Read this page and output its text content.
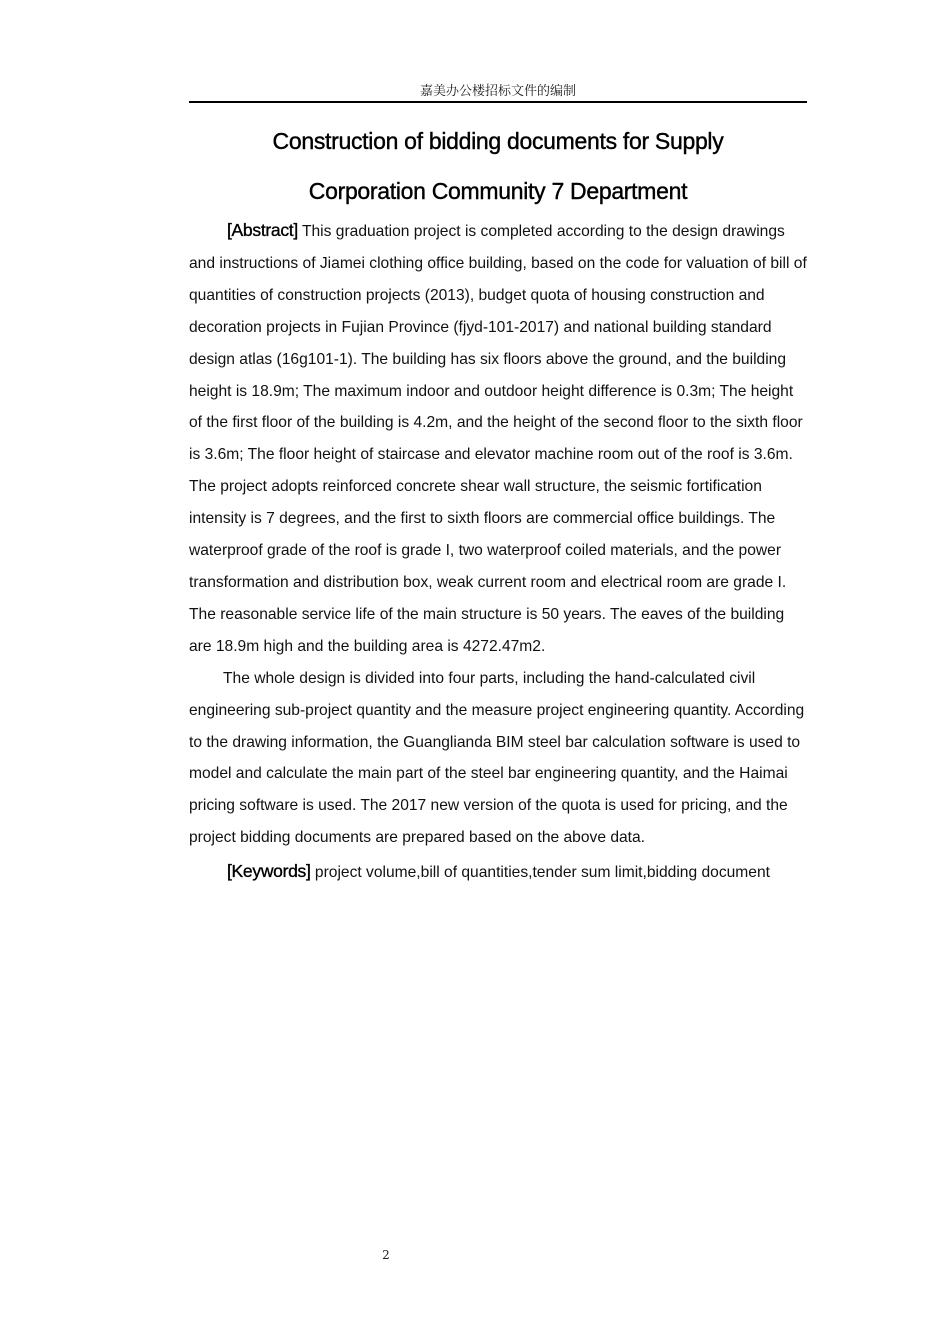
嘉美办公楼招标文件的编制
Construction of bidding documents for Supply
Corporation Community 7 Department

[Abstract] This graduation project is completed according to the design drawings and instructions of Jiamei clothing office building, based on the code for valuation of bill of quantities of construction projects (2013), budget quota of housing construction and decoration projects in Fujian Province (fjyd-101-2017) and national building standard design atlas (16g101-1). The building has six floors above the ground, and the building height is 18.9m; The maximum indoor and outdoor height difference is 0.3m; The height of the first floor of the building is 4.2m, and the height of the second floor to the sixth floor is 3.6m; The floor height of staircase and elevator machine room out of the roof is 3.6m. The project adopts reinforced concrete shear wall structure, the seismic fortification intensity is 7 degrees, and the first to sixth floors are commercial office buildings. The waterproof grade of the roof is grade I, two waterproof coiled materials, and the power transformation and distribution box, weak current room and electrical room are grade I. The reasonable service life of the main structure is 50 years. The eaves of the building are 18.9m high and the building area is 4272.47m2.

The whole design is divided into four parts, including the hand-calculated civil engineering sub-project quantity and the measure project engineering quantity. According to the drawing information, the Guanglianda BIM steel bar calculation software is used to model and calculate the main part of the steel bar engineering quantity, and the Haimai pricing software is used. The 2017 new version of the quota is used for pricing, and the project bidding documents are prepared based on the above data.

[Keywords] project volume,bill of quantities,tender sum limit,bidding document

2
